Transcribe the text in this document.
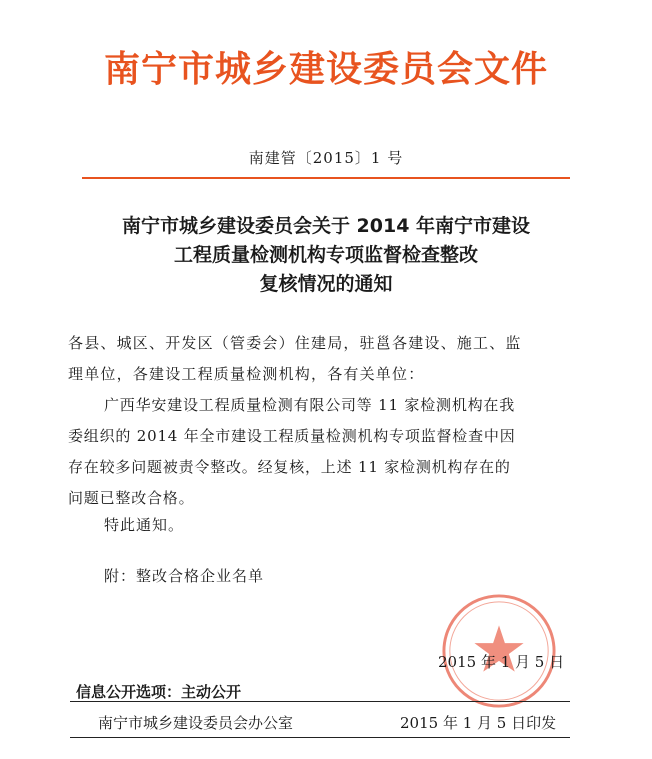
南宁市城乡建设委员会文件
南建管〔2015〕1 号
南宁市城乡建设委员会关于 2014 年南宁市建设
工程质量检测机构专项监督检查整改
复核情况的通知
各县、城区、开发区（管委会）住建局，驻邕各建设、施工、监
理单位，各建设工程质量检测机构，各有关单位：
广西华安建设工程质量检测有限公司等 11 家检测机构在我
委组织的 2014 年全市建设工程质量检测机构专项监督检查中因
存在较多问题被责令整改。经复核，上述 11 家检测机构存在的
问题已整改合格。
特此通知。
附：整改合格企业名单
2015 年 1 月 5 日
信息公开选项：主动公开
南宁市城乡建设委员会办公室	2015 年 1 月 5 日印发
